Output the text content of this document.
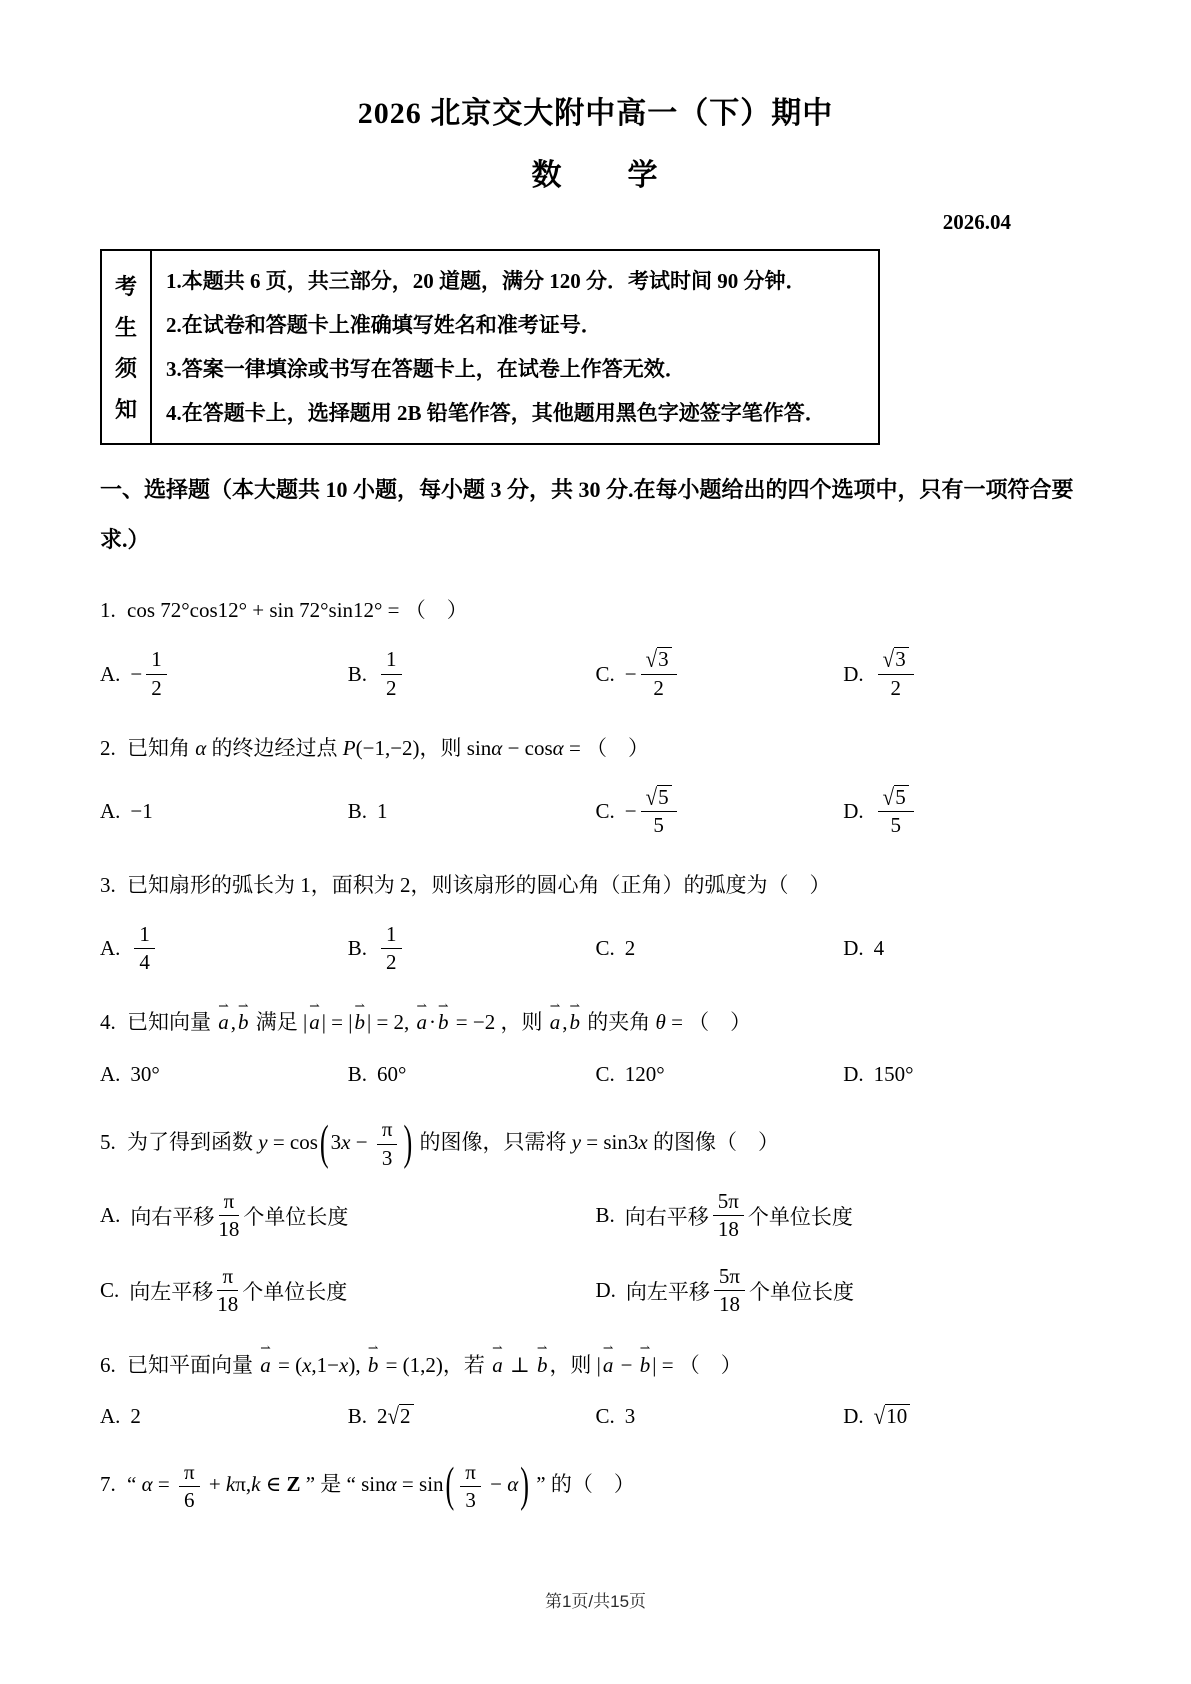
2026 北京交大附中高一（下）期中
数　　学
2026.04
考
生
须
知
1.本题共 6 页，共三部分，20 道题，满分 120 分．考试时间 90 分钟．
2.在试卷和答题卡上准确填写姓名和准考证号．
3.答案一律填涂或书写在答题卡上，在试卷上作答无效．
4.在答题卡上，选择题用 2B 铅笔作答，其他题用黑色字迹签字笔作答．
一、选择题（本大题共 10 小题，每小题 3 分，共 30 分.在每小题给出的四个选项中，只有一项符合要求.）
1. cos 72°cos12° + sin 72°sin12° = （　）
A. − $\frac{1}{2}$	B. $\frac{1}{2}$	C. − $\frac{√3}{2}$	D. $\frac{√3}{2}$
2. 已知角 α 的终边经过点 P(−1,−2)，则 sinα − cosα = （　）
A. −1	B. 1	C. − $\frac{√5}{5}$	D. $\frac{√5}{5}$
3. 已知扇形的弧长为 1，面积为 2，则该扇形的圆心角（正角）的弧度为（　）
A. $\frac{1}{4}$	B. $\frac{1}{2}$	C. 2	D. 4
4. 已知向量
⇀
a,
⇀
b 满足 |
⇀
a| = |
⇀
b| = 2,
⇀
a·
⇀
b = −2 ，则
⇀
a,
⇀
b 的夹角 θ = （　）
A. 30°	B. 60°	C. 120°	D. 150°
5. 为了得到函数 $y = \cos(3x - \frac{\pi}{3}$ ) 的图像，只需将 y = sin3x 的图像（　）
A. 向右平移 $\frac{\pi}{18}$ 个单位长度	B. 向右平移 $\frac{5\pi}{18}$ 个单位长度
C. 向左平移 $\frac{\pi}{18}$ 个单位长度	D. 向左平移 $\frac{5\pi}{18}$ 个单位长度
6. 已知平面向量
⇀
a = (x,1−x),
⇀
b = (1,2)，若
⇀
a ⊥
⇀
b，则 |
⇀
a −
⇀
b| = （　）
A. 2	B. 2 √2	C. 3	D. √10
7. “ $\alpha = \frac{\pi}{6} + k\pi,k$ ∈ Z ” 是 “ $\sin\alpha = \sin( \frac{\pi}{3} - \alpha)$ ” 的（　）
第1页/共15页
